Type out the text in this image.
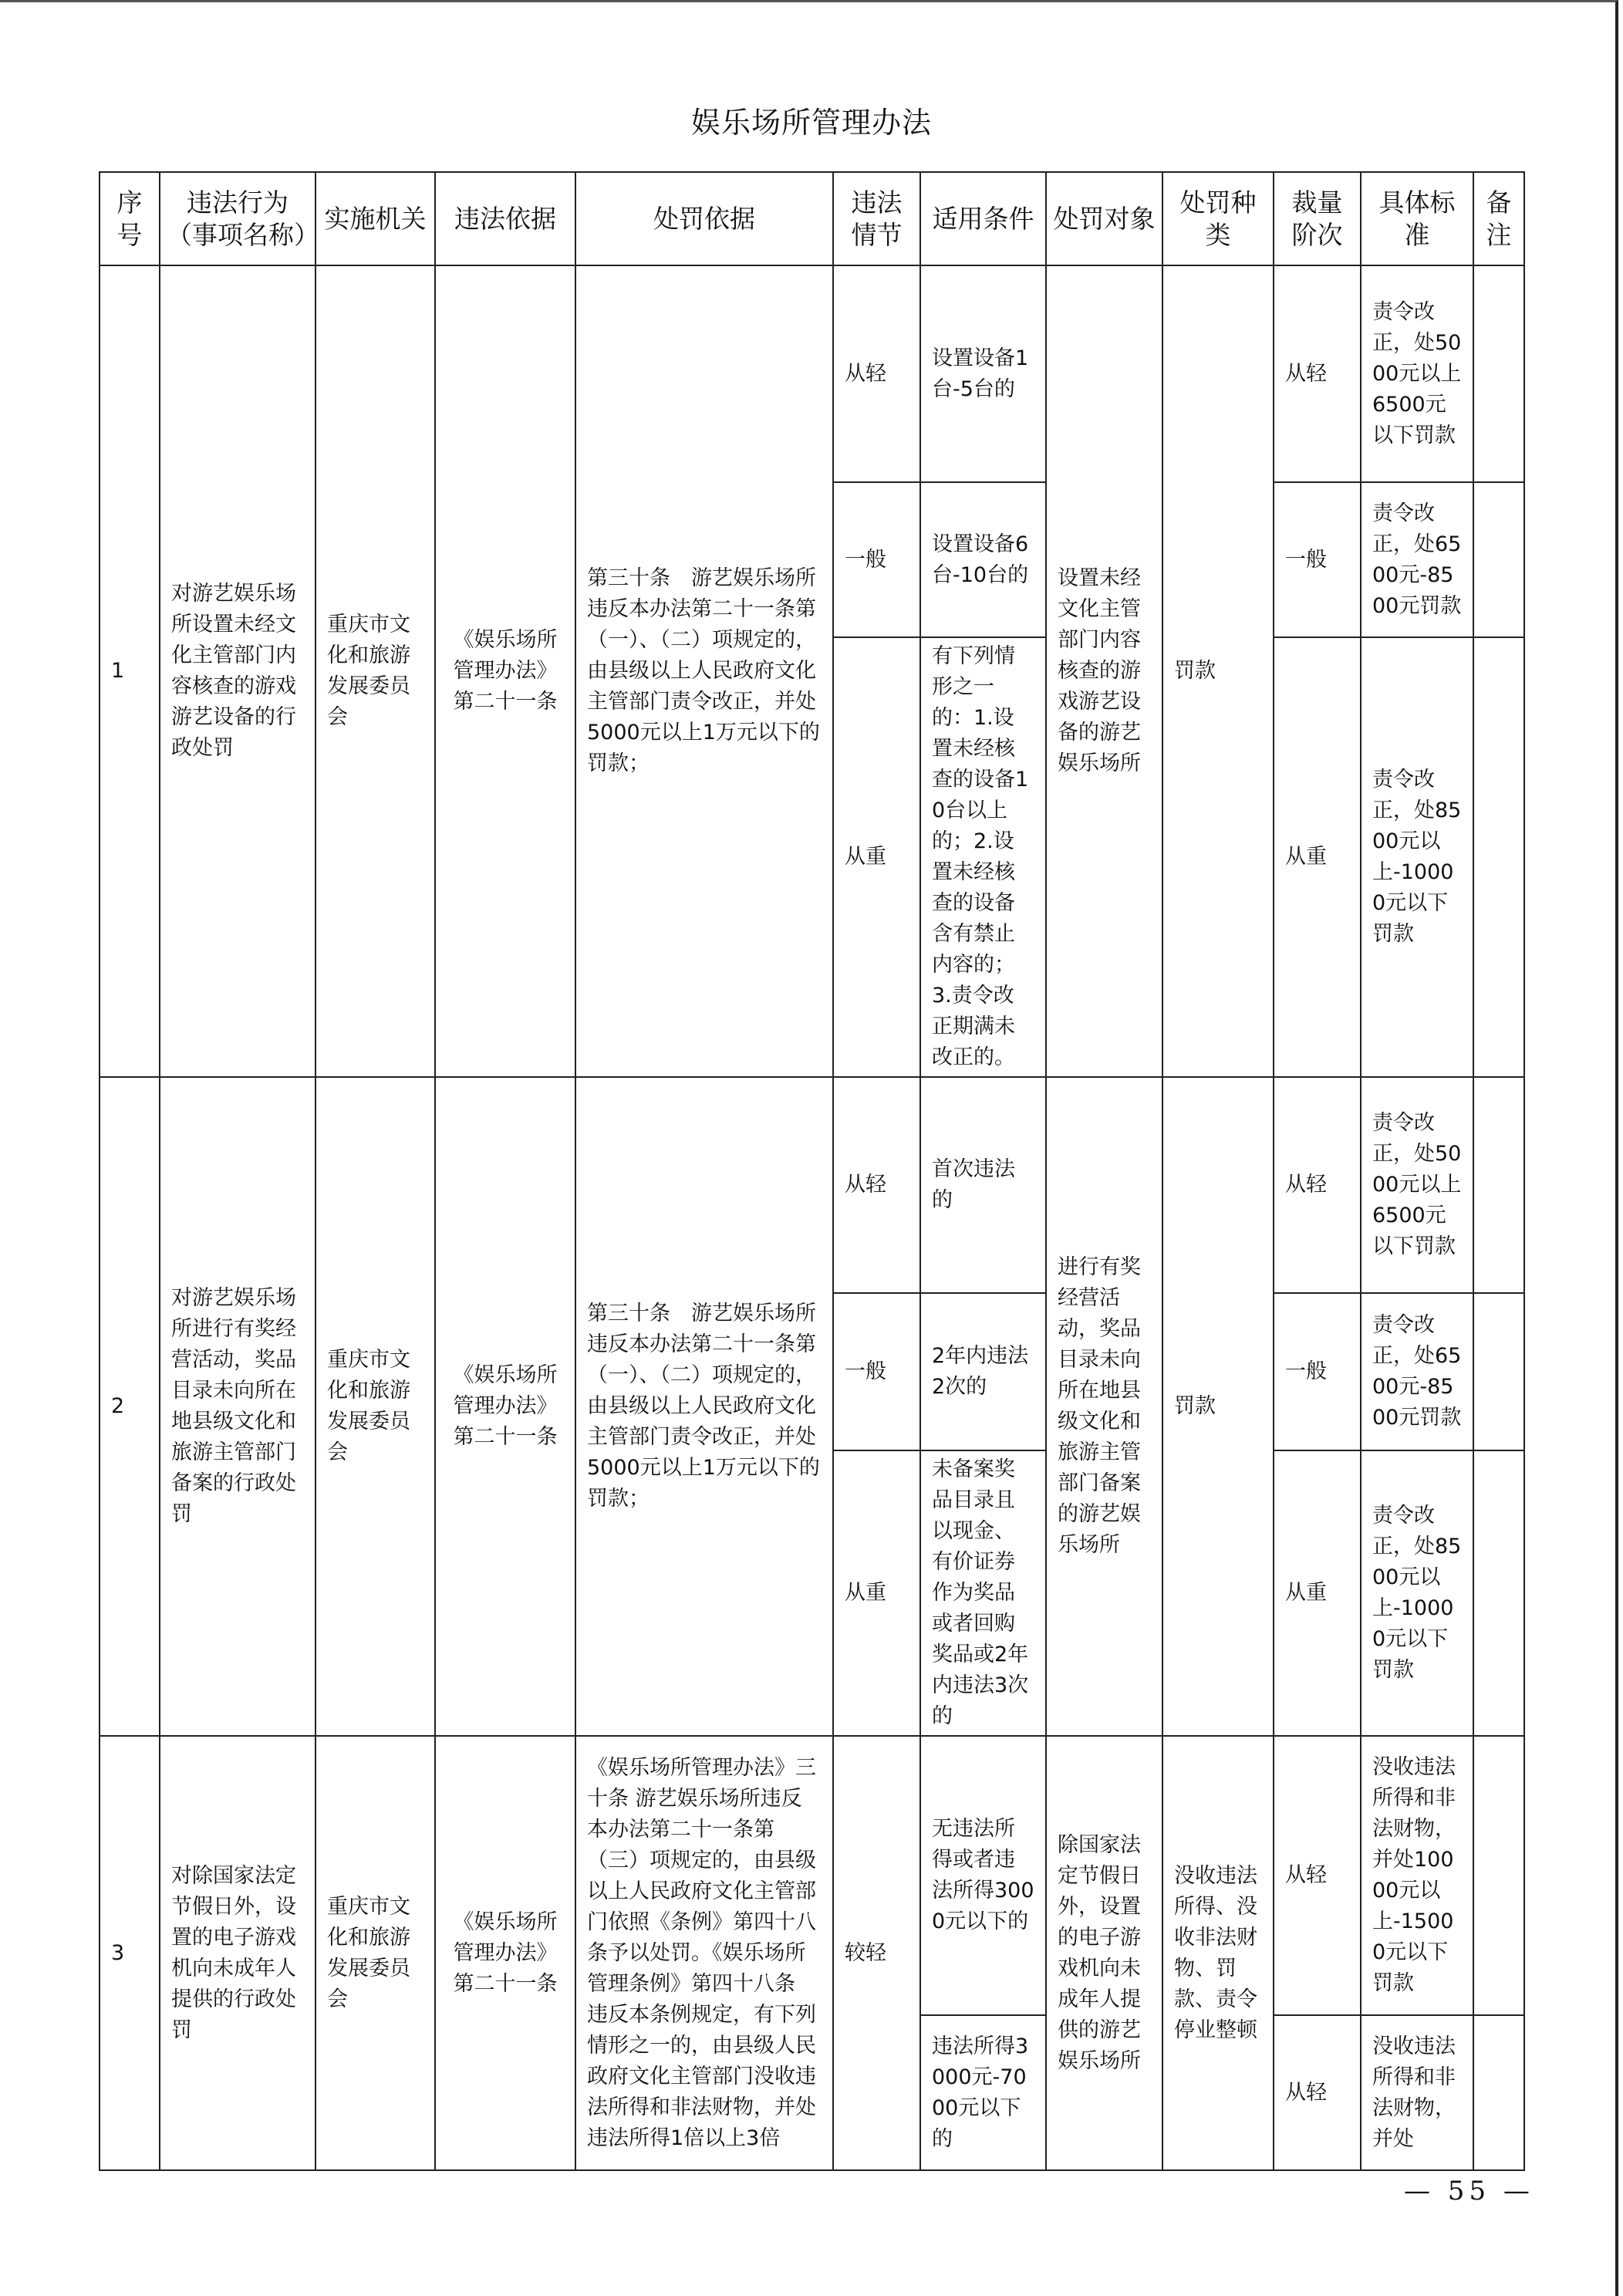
娱乐场所管理办法
序号	违法行为（事项名称）	实施机关	违法依据	处罚依据	违法情节	适用条件	处罚对象	处罚种类	裁量阶次	具体标准	备注
1	对游艺娱乐场所设置未经文化主管部门内容核查的游戏游艺设备的行政处罚	重庆市文化和旅游发展委员会	《娱乐场所管理办法》第二十一条	第三十条　游艺娱乐场所违反本办法第二十一条第（一）、（二）项规定的，由县级以上人民政府文化主管部门责令改正，并处5000元以上1万元以下的罚款；	从轻	设置设备1台-5台的	设置未经文化主管部门内容核查的游戏游艺设备的游艺娱乐场所	罚款	从轻	责令改正，处5000元以上6500元以下罚款	
					一般	设置设备6台-10台的			一般	责令改正，处6500元-8500元罚款	
					从重	有下列情形之一的：1.设置未经核查的设备10台以上的；2.设置未经核查的设备含有禁止内容的；3.责令改正期满未改正的。			从重	责令改正，处8500元以上-10000元以下罚款	
2	对游艺娱乐场所进行有奖经营活动，奖品目录未向所在地县级文化和旅游主管部门备案的行政处罚	重庆市文化和旅游发展委员会	《娱乐场所管理办法》第二十一条	第三十条　游艺娱乐场所违反本办法第二十一条第（一）、（二）项规定的，由县级以上人民政府文化主管部门责令改正，并处5000元以上1万元以下的罚款；	从轻	首次违法的	进行有奖经营活动，奖品目录未向所在地县级文化和旅游主管部门备案的游艺娱乐场所	罚款	从轻	责令改正，处5000元以上6500元以下罚款	
					一般	2年内违法2次的			一般	责令改正，处6500元-8500元罚款	
					从重	未备案奖品目录且以现金、有价证券作为奖品或者回购奖品或2年内违法3次的			从重	责令改正，处8500元以上-10000元以下罚款	
3	对除国家法定节假日外，设置的电子游戏机向未成年人提供的行政处罚	重庆市文化和旅游发展委员会	《娱乐场所管理办法》第二十一条	《娱乐场所管理办法》三十条 游艺娱乐场所违反本办法第二十一条第（三）项规定的，由县级以上人民政府文化主管部门依照《条例》第四十八条予以处罚。《娱乐场所管理条例》第四十八条　违反本条例规定，有下列情形之一的，由县级人民政府文化主管部门没收违法所得和非法财物，并处违法所得1倍以上3倍	较轻	无违法所得或者违法所得3000元以下的	除国家法定节假日外，设置的电子游戏机向未成年人提供的游艺娱乐场所	没收违法所得、没收非法财物、罚款、责令停业整顿	从轻	没收违法所得和非法财物，并处10000元以上-15000元以下罚款	
						违法所得3000元-7000元以下的			从轻	没收违法所得和非法财物，并处	
— 55 —
